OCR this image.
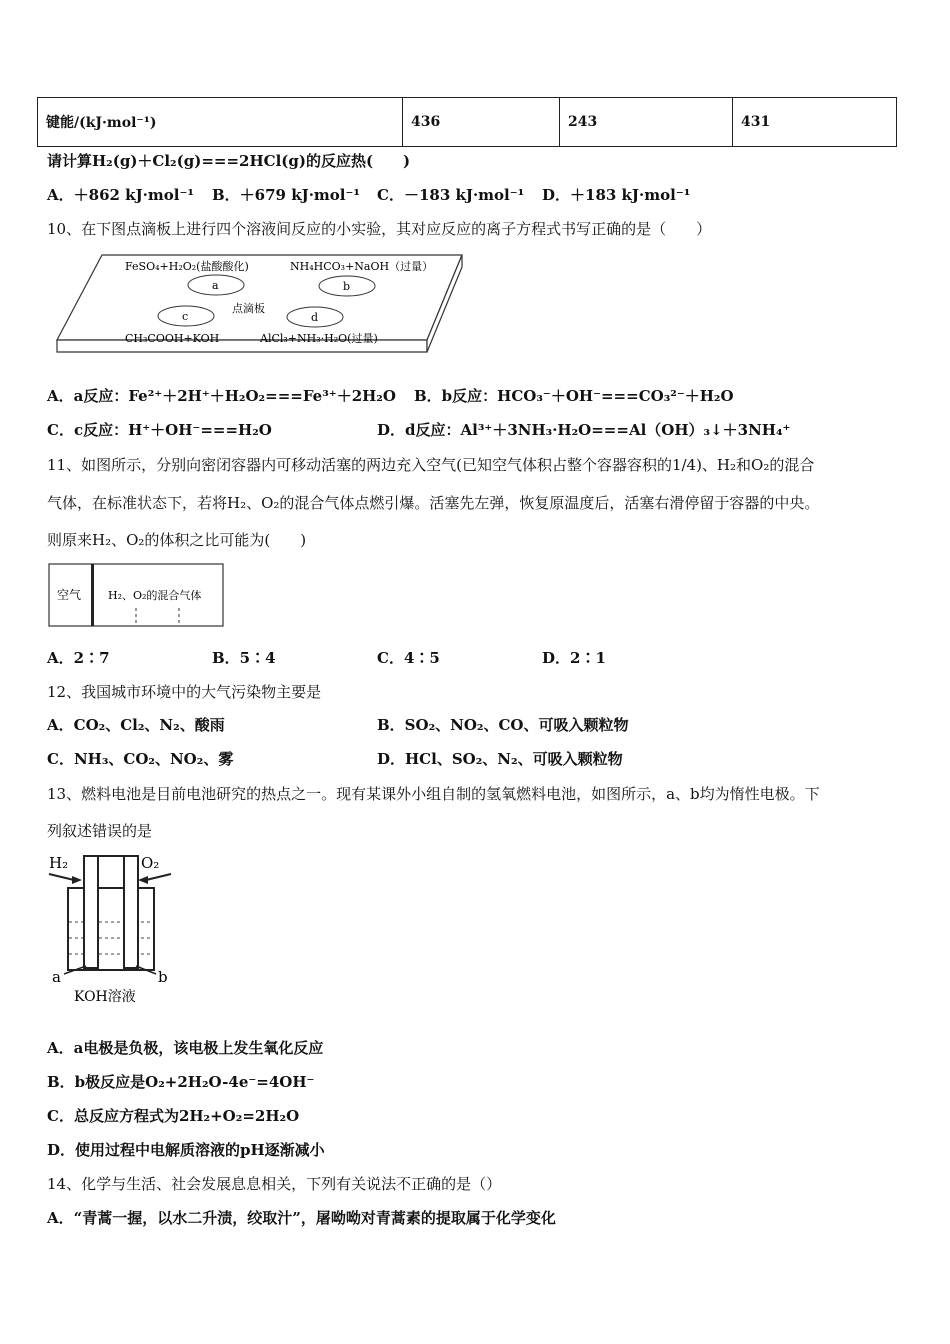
键能/(kJ·mol⁻¹)	436	243	431
请计算H₂(g)＋Cl₂(g)===2HCl(g)的反应热(　　)
A．＋862 kJ·mol⁻¹ B．＋679 kJ·mol⁻¹ C．－183 kJ·mol⁻¹ D．＋183 kJ·mol⁻¹
10、在下图点滴板上进行四个溶液间反应的小实验，其对应反应的离子方程式书写正确的是（　　）
FeSO₄+H₂O₂(盐酸酸化)	NH₄HCO₃+NaOH（过量）
a	b
点滴板
c	d
CH₃COOH+KOH	AlCl₃+NH₃·H₂O(过量)
A．a反应：Fe²⁺＋2H⁺＋H₂O₂===Fe³⁺＋2H₂O B．b反应：HCO₃⁻＋OH⁻===CO₃²⁻＋H₂O
C．c反应：H⁺＋OH⁻===H₂O	D．d反应：Al³⁺＋3NH₃·H₂O===Al（OH）₃↓＋3NH₄⁺
11、如图所示，分别向密闭容器内可移动活塞的两边充入空气(已知空气体积占整个容器容积的1/4)、H₂和O₂的混合
气体，在标准状态下，若将H₂、O₂的混合气体点燃引爆。活塞先左弹，恢复原温度后，活塞右滑停留于容器的中央。
则原来H₂、O₂的体积之比可能为(　　)
空气 H₂、O₂的混合气体
A．2∶7	B．5∶4	C．4∶5	D．2∶1
12、我国城市环境中的大气污染物主要是
A．CO₂、Cl₂、N₂、酸雨	B．SO₂、NO₂、CO、可吸入颗粒物
C．NH₃、CO₂、NO₂、雾	D．HCl、SO₂、N₂、可吸入颗粒物
13、燃料电池是目前电池研究的热点之一。现有某课外小组自制的氢氧燃料电池，如图所示，a、b均为惰性电极。下
列叙述错误的是
H₂	O₂
a	b
KOH溶液
A．a电极是负极，该电极上发生氧化反应
B．b极反应是O₂+2H₂O-4e⁻=4OH⁻
C．总反应方程式为2H₂+O₂=2H₂O
D．使用过程中电解质溶液的pH逐渐减小
14、化学与生活、社会发展息息相关，下列有关说法不正确的是（）
A．“青蒿一握，以水二升渍，绞取汁”，屠呦呦对青蒿素的提取属于化学变化
